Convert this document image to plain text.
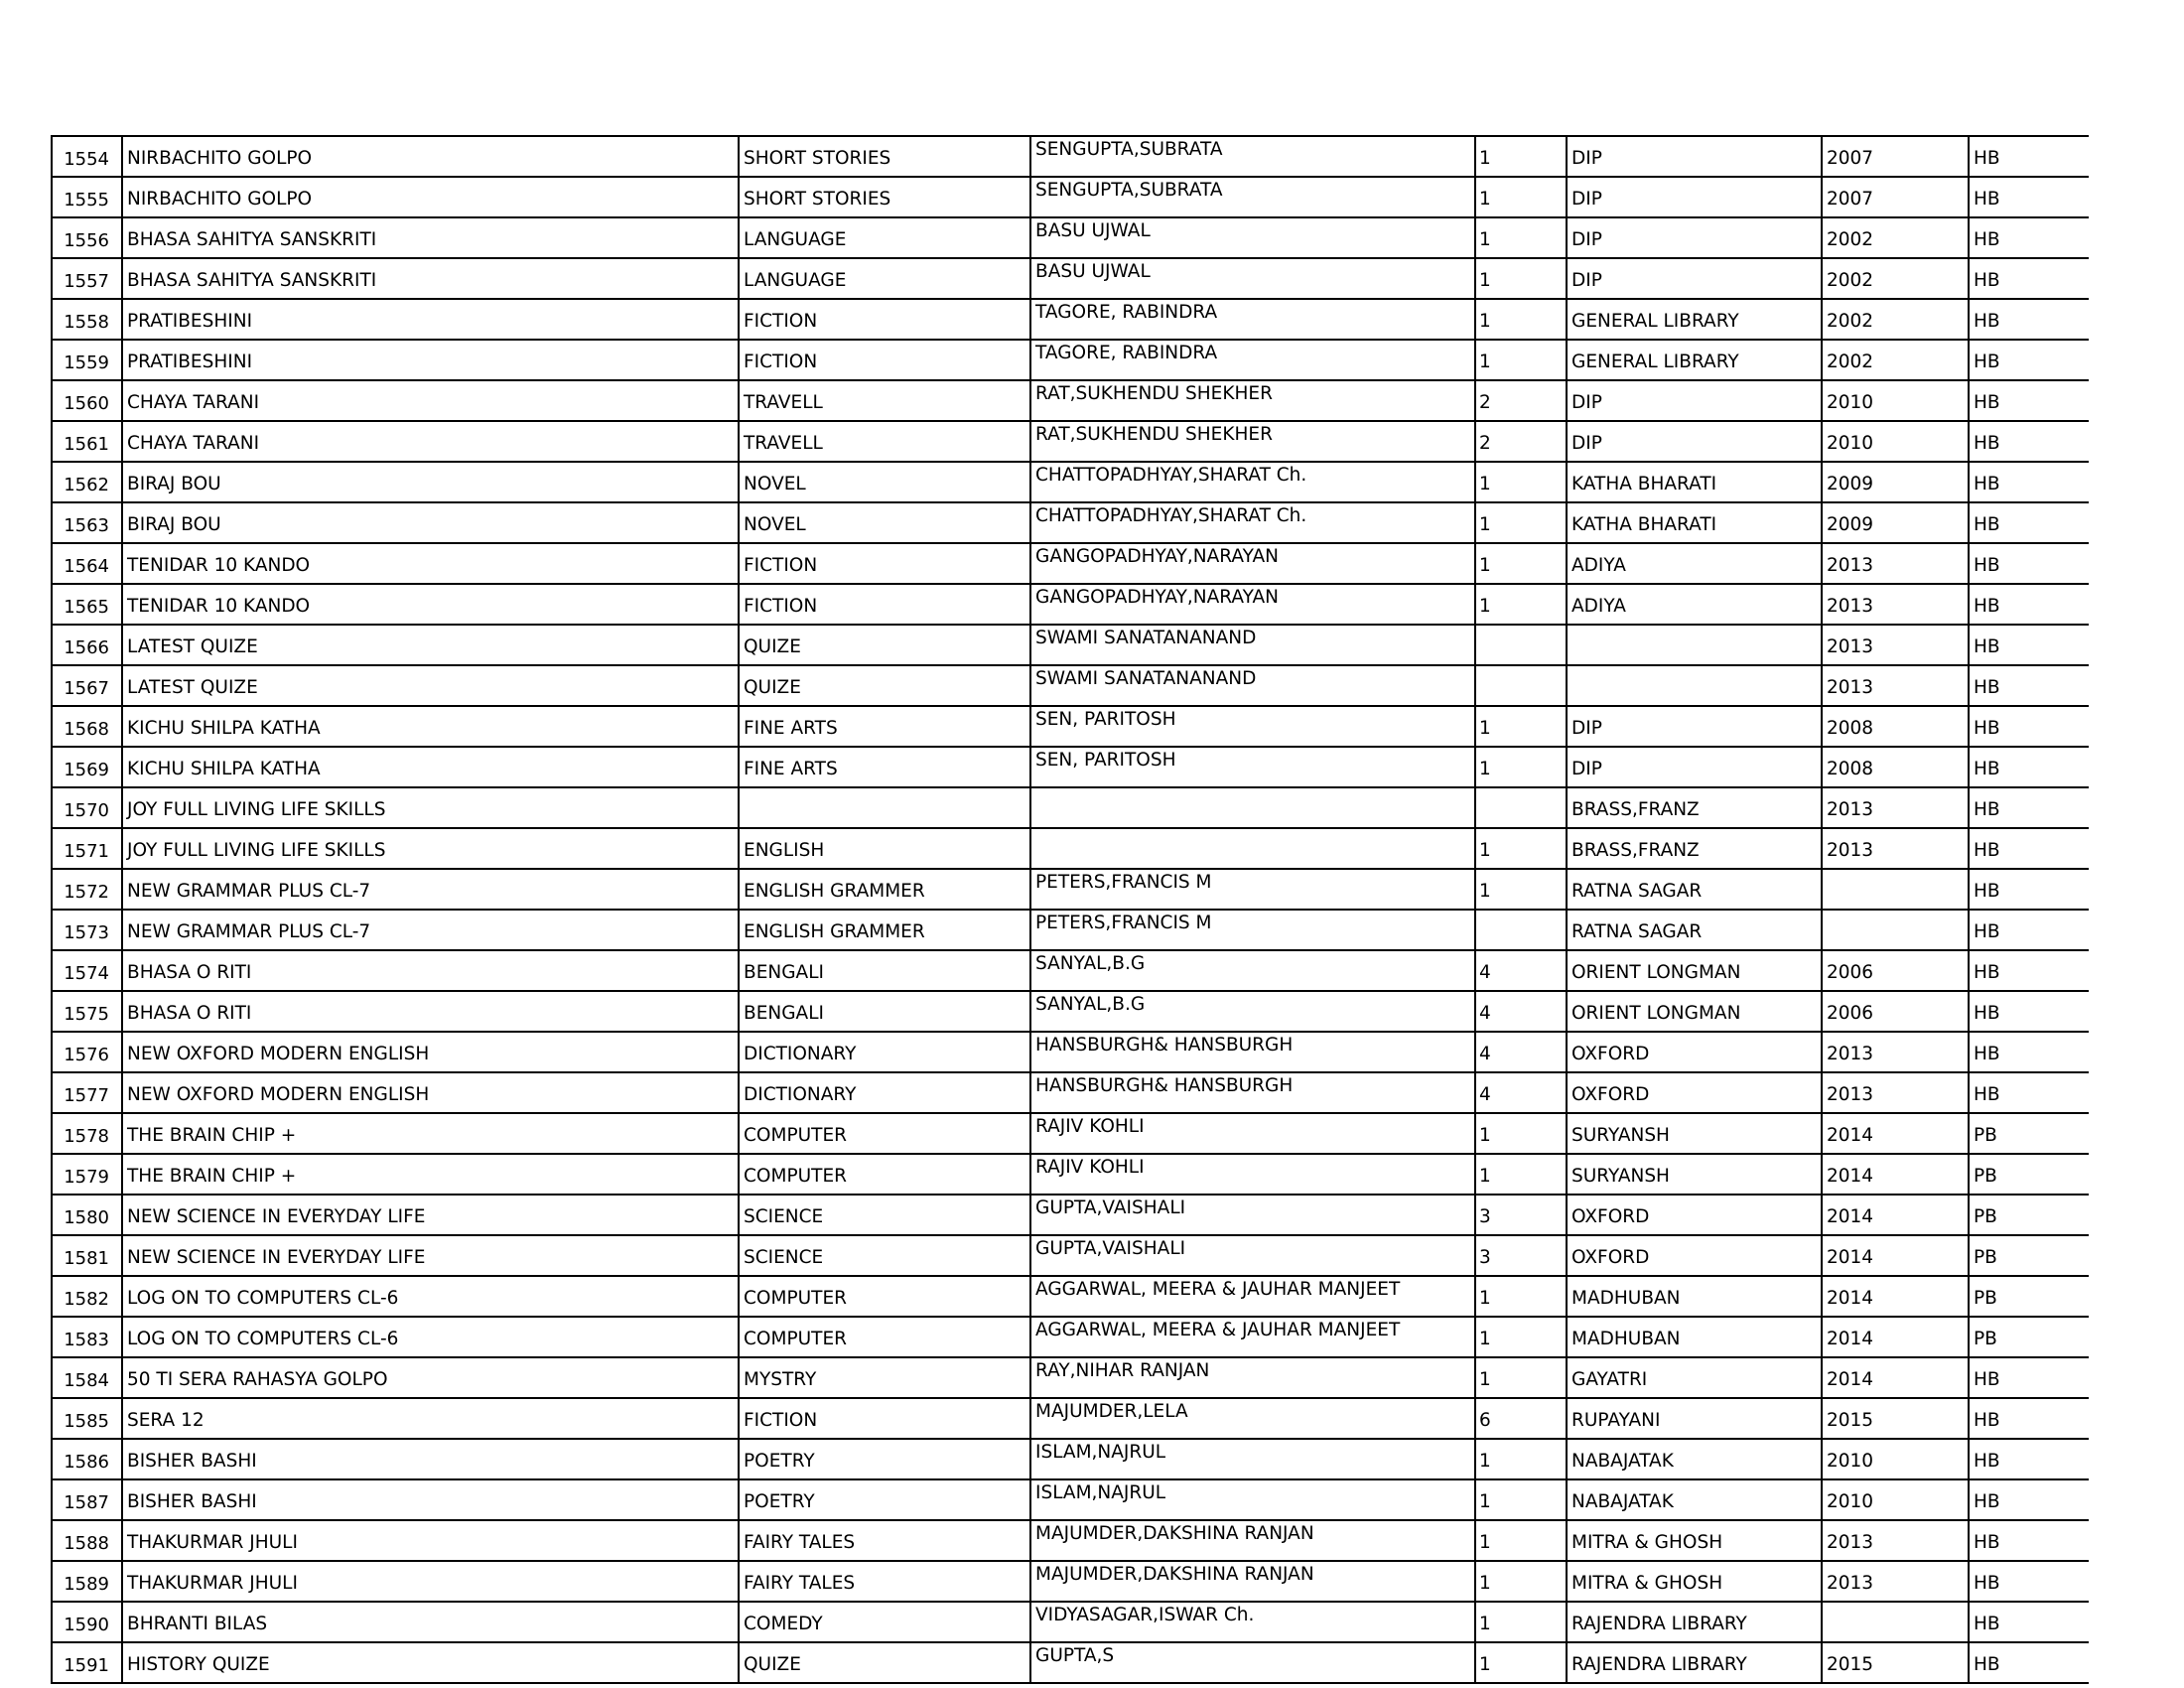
1554	NIRBACHITO GOLPO	SHORT STORIES	SENGUPTA,SUBRATA	1	DIP	2007	HB
1555	NIRBACHITO GOLPO	SHORT STORIES	SENGUPTA,SUBRATA	1	DIP	2007	HB
1556	BHASA SAHITYA SANSKRITI	LANGUAGE	BASU UJWAL	1	DIP	2002	HB
1557	BHASA SAHITYA SANSKRITI	LANGUAGE	BASU UJWAL	1	DIP	2002	HB
1558	PRATIBESHINI	FICTION	TAGORE, RABINDRA	1	GENERAL LIBRARY	2002	HB
1559	PRATIBESHINI	FICTION	TAGORE, RABINDRA	1	GENERAL LIBRARY	2002	HB
1560	CHAYA TARANI	TRAVELL	RAT,SUKHENDU SHEKHER	2	DIP	2010	HB
1561	CHAYA TARANI	TRAVELL	RAT,SUKHENDU SHEKHER	2	DIP	2010	HB
1562	BIRAJ BOU	NOVEL	CHATTOPADHYAY,SHARAT Ch.	1	KATHA BHARATI	2009	HB
1563	BIRAJ BOU	NOVEL	CHATTOPADHYAY,SHARAT Ch.	1	KATHA BHARATI	2009	HB
1564	TENIDAR 10 KANDO	FICTION	GANGOPADHYAY,NARAYAN	1	ADIYA	2013	HB
1565	TENIDAR 10 KANDO	FICTION	GANGOPADHYAY,NARAYAN	1	ADIYA	2013	HB
1566	LATEST QUIZE	QUIZE	SWAMI SANATANANAND			2013	HB
1567	LATEST QUIZE	QUIZE	SWAMI SANATANANAND			2013	HB
1568	KICHU SHILPA KATHA	FINE ARTS	SEN, PARITOSH	1	DIP	2008	HB
1569	KICHU SHILPA KATHA	FINE ARTS	SEN, PARITOSH	1	DIP	2008	HB
1570	JOY FULL LIVING LIFE SKILLS				BRASS,FRANZ	2013	HB
1571	JOY FULL LIVING LIFE SKILLS	ENGLISH		1	BRASS,FRANZ	2013	HB
1572	NEW GRAMMAR PLUS CL-7	ENGLISH GRAMMER	PETERS,FRANCIS M	1	RATNA SAGAR		HB
1573	NEW GRAMMAR PLUS CL-7	ENGLISH GRAMMER	PETERS,FRANCIS M		RATNA SAGAR		HB
1574	BHASA O RITI	BENGALI	SANYAL,B.G	4	ORIENT LONGMAN	2006	HB
1575	BHASA O RITI	BENGALI	SANYAL,B.G	4	ORIENT LONGMAN	2006	HB
1576	NEW OXFORD MODERN ENGLISH	DICTIONARY	HANSBURGH& HANSBURGH	4	OXFORD	2013	HB
1577	NEW OXFORD MODERN ENGLISH	DICTIONARY	HANSBURGH& HANSBURGH	4	OXFORD	2013	HB
1578	THE BRAIN CHIP +	COMPUTER	RAJIV KOHLI	1	SURYANSH	2014	PB
1579	THE BRAIN CHIP +	COMPUTER	RAJIV KOHLI	1	SURYANSH	2014	PB
1580	NEW SCIENCE IN EVERYDAY LIFE	SCIENCE	GUPTA,VAISHALI	3	OXFORD	2014	PB
1581	NEW SCIENCE IN EVERYDAY LIFE	SCIENCE	GUPTA,VAISHALI	3	OXFORD	2014	PB
1582	LOG ON TO COMPUTERS CL-6	COMPUTER	AGGARWAL, MEERA & JAUHAR MANJEET	1	MADHUBAN	2014	PB
1583	LOG ON TO COMPUTERS CL-6	COMPUTER	AGGARWAL, MEERA & JAUHAR MANJEET	1	MADHUBAN	2014	PB
1584	50 TI SERA RAHASYA GOLPO	MYSTRY	RAY,NIHAR RANJAN	1	GAYATRI	2014	HB
1585	SERA 12	FICTION	MAJUMDER,LELA	6	RUPAYANI	2015	HB
1586	BISHER BASHI	POETRY	ISLAM,NAJRUL	1	NABAJATAK	2010	HB
1587	BISHER BASHI	POETRY	ISLAM,NAJRUL	1	NABAJATAK	2010	HB
1588	THAKURMAR JHULI	FAIRY TALES	MAJUMDER,DAKSHINA RANJAN	1	MITRA & GHOSH	2013	HB
1589	THAKURMAR JHULI	FAIRY TALES	MAJUMDER,DAKSHINA RANJAN	1	MITRA & GHOSH	2013	HB
1590	BHRANTI BILAS	COMEDY	VIDYASAGAR,ISWAR Ch.	1	RAJENDRA LIBRARY		HB
1591	HISTORY QUIZE	QUIZE	GUPTA,S	1	RAJENDRA LIBRARY	2015	HB
